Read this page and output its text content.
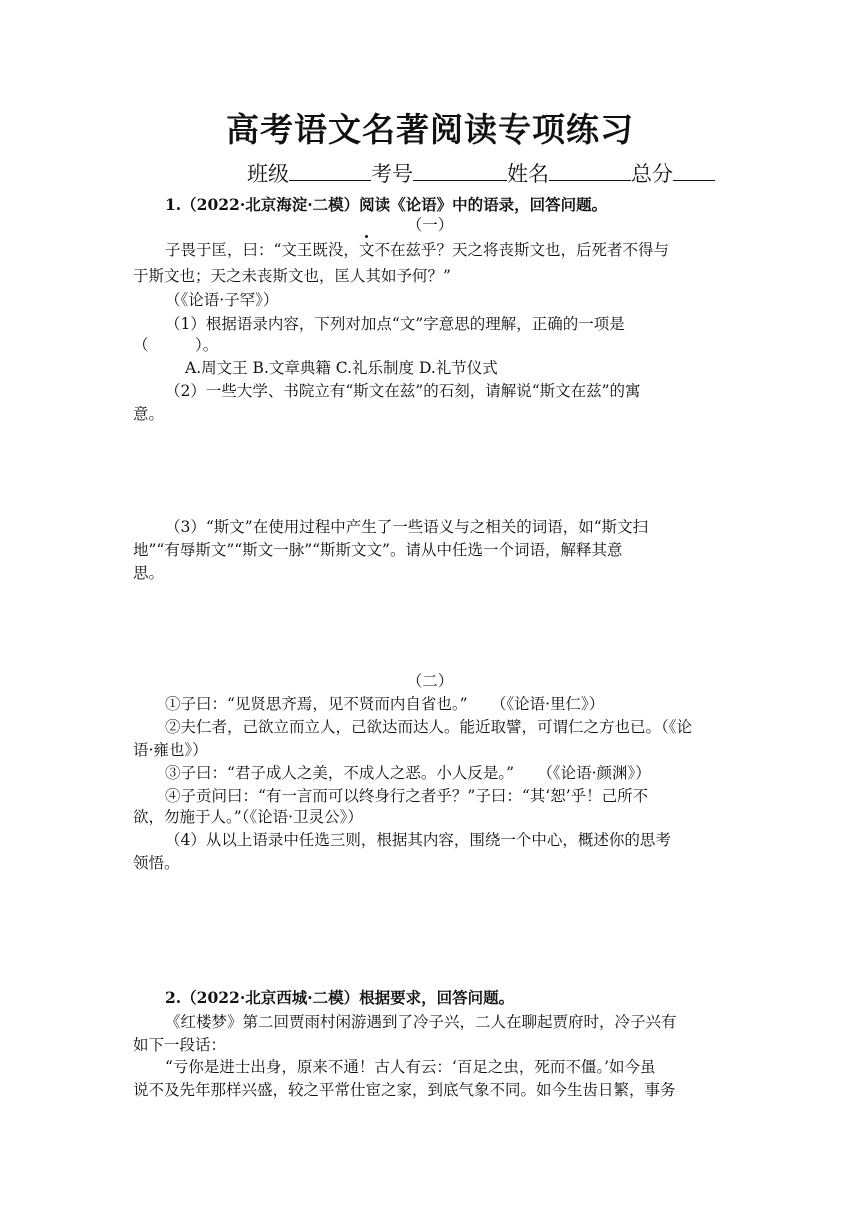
高考语文名著阅读专项练习
班级	考号	姓名	总分
1.（2022·北京海淀·二模）阅读《论语》中的语录，回答问题。
（一）
子畏于匡，曰：“文王既没，文不在兹乎？天之将丧斯文也，后死者不得与
于斯文也；天之未丧斯文也，匡人其如予何？”
（《论语·子罕》）
（1）根据语录内容，下列对加点“文”字意思的理解，正确的一项是
（　　　）。
A.周文王 B.文章典籍 C.礼乐制度 D.礼节仪式
（2）一些大学、书院立有“斯文在兹”的石刻，请解说“斯文在兹”的寓
意。
（3）“斯文”在使用过程中产生了一些语义与之相关的词语，如“斯文扫
地”“有辱斯文”“斯文一脉”“斯斯文文”。请从中任选一个词语，解释其意
思。
（二）
①子曰：“见贤思齐焉，见不贤而内自省也。”　　（《论语·里仁》）
②夫仁者，己欲立而立人，己欲达而达人。能近取譬，可谓仁之方也已。（《论
语·雍也》）
③子曰：“君子成人之美，不成人之恶。小人反是。”　　（《论语·颜渊》）
④子贡问曰：“有一言而可以终身行之者乎？”子曰：“其‘恕’乎！己所不
欲，勿施于人。”（《论语·卫灵公》）
（4）从以上语录中任选三则，根据其内容，围绕一个中心，概述你的思考
领悟。
2.（2022·北京西城·二模）根据要求，回答问题。
《红楼梦》第二回贾雨村闲游遇到了冷子兴，二人在聊起贾府时，冷子兴有
如下一段话：
“亏你是进士出身，原来不通！古人有云：‘百足之虫，死而不僵。’如今虽
说不及先年那样兴盛，较之平常仕宦之家，到底气象不同。如今生齿日繁，事务
